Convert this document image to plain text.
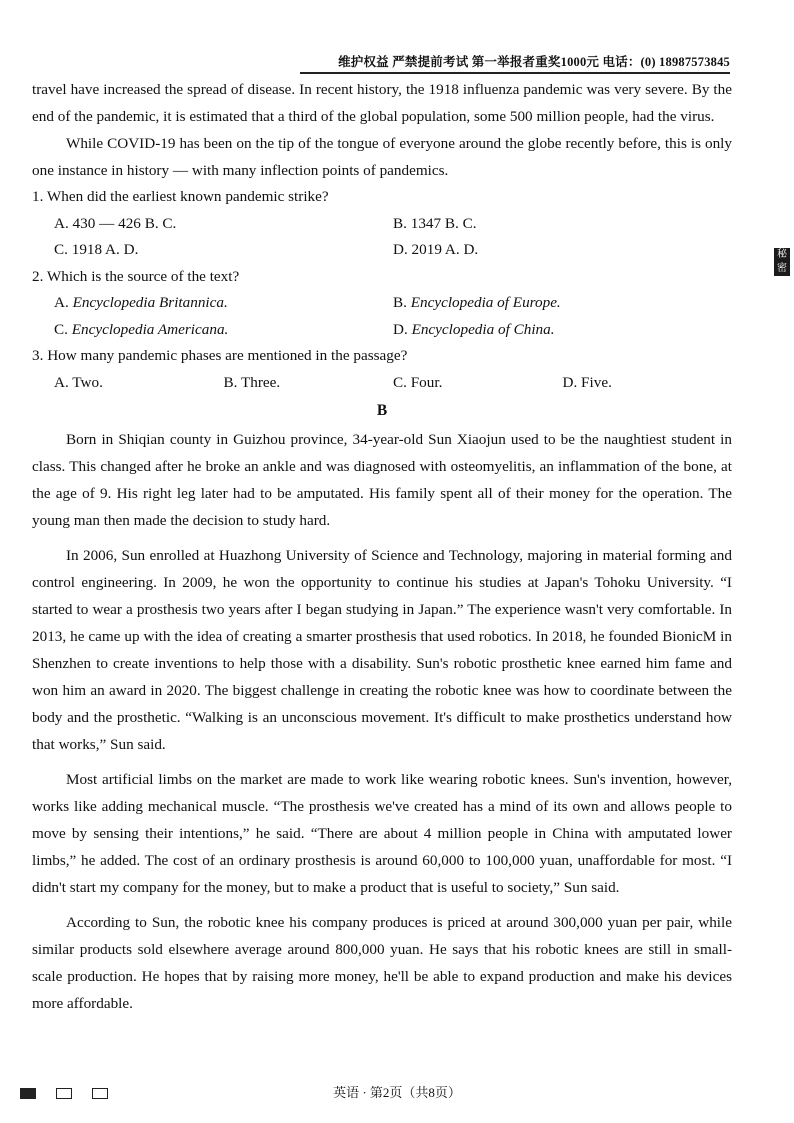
维护权益 严禁提前考试 第一举报者重奖1000元 电话：(0) 18987573845
秘密

travel have increased the spread of disease. In recent history, the 1918 influenza pandemic was very severe. By the end of the pandemic, it is estimated that a third of the global population, some 500 million people, had the virus.

While COVID-19 has been on the tip of the tongue of everyone around the globe recently before, this is only one instance in history — with many inflection points of pandemics.

1. When did the earliest known pandemic strike?

A. 430 — 426 B. C.	B. 1347 B. C.
C. 1918 A. D.	D. 2019 A. D.

2. Which is the source of the text?

A. Encyclopedia Britannica.	B. Encyclopedia of Europe.
C. Encyclopedia Americana.	D. Encyclopedia of China.

3. How many pandemic phases are mentioned in the passage?

A. Two.	B. Three.	C. Four.	D. Five.
B

Born in Shiqian county in Guizhou province, 34-year-old Sun Xiaojun used to be the naughtiest student in class. This changed after he broke an ankle and was diagnosed with osteomyelitis, an inflammation of the bone, at the age of 9. His right leg later had to be amputated. His family spent all of their money for the operation. The young man then made the decision to study hard.

In 2006, Sun enrolled at Huazhong University of Science and Technology, majoring in material forming and control engineering. In 2009, he won the opportunity to continue his studies at Japan's Tohoku University. “I started to wear a prosthesis two years after I began studying in Japan.” The experience wasn't very comfortable. In 2013, he came up with the idea of creating a smarter prosthesis that used robotics. In 2018, he founded BionicM in Shenzhen to create inventions to help those with a disability. Sun's robotic prosthetic knee earned him fame and won him an award in 2020. The biggest challenge in creating the robotic knee was how to coordinate between the body and the prosthetic. “Walking is an unconscious movement. It's difficult to make prosthetics understand how that works,” Sun said.

Most artificial limbs on the market are made to work like wearing robotic knees. Sun's invention, however, works like adding mechanical muscle. “The prosthesis we've created has a mind of its own and allows people to move by sensing their intentions,” he said. “There are about 4 million people in China with amputated lower limbs,” he added. The cost of an ordinary prosthesis is around 60,000 to 100,000 yuan, unaffordable for most. “I didn't start my company for the money, but to make a product that is useful to society,” Sun said.

According to Sun, the robotic knee his company produces is priced at around 300,000 yuan per pair, while similar products sold elsewhere average around 800,000 yuan. He says that his robotic knees are still in small-scale production. He hopes that by raising more money, he'll be able to expand production and make his devices more affordable.

英语 · 第2页（共8页）
